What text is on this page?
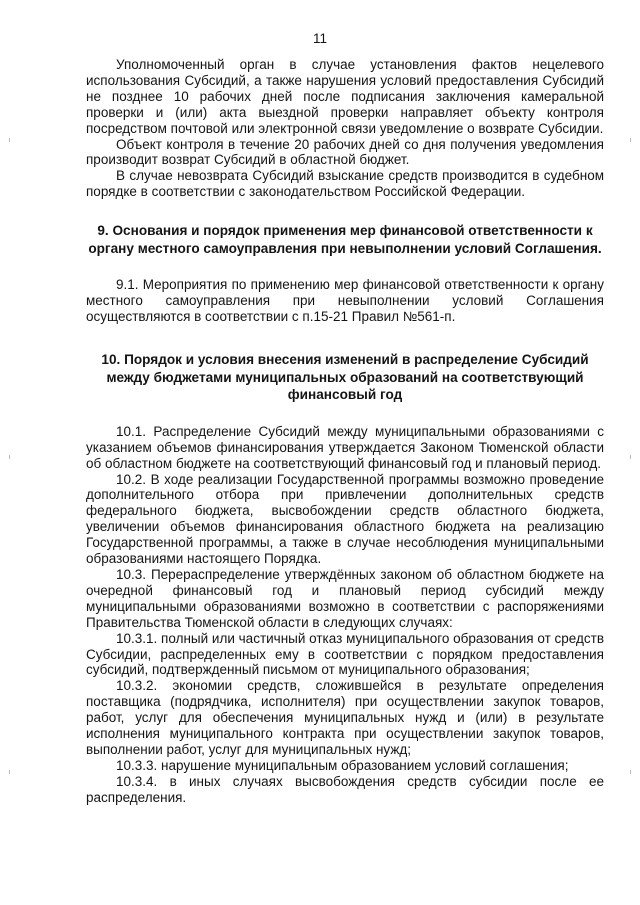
11

Уполномоченный орган в случае установления фактов нецелевого использования Субсидий, а также нарушения условий предоставления Субсидий не позднее 10 рабочих дней после подписания заключения камеральной проверки и (или) акта выездной проверки направляет объекту контроля посредством почтовой или электронной связи уведомление о возврате Субсидии.

Объект контроля в течение 20 рабочих дней со дня получения уведомления производит возврат Субсидий в областной бюджет.

В случае невозврата Субсидий взыскание средств производится в судебном порядке в соответствии с законодательством Российской Федерации.

9. Основания и порядок применения мер финансовой ответственности к органу местного самоуправления при невыполнении условий Соглашения.

9.1. Мероприятия по применению мер финансовой ответственности к органу местного самоуправления при невыполнении условий Соглашения осуществляются в соответствии с п.15-21 Правил №561-п.

10. Порядок и условия внесения изменений в распределение Субсидий между бюджетами муниципальных образований на соответствующий финансовый год

10.1. Распределение Субсидий между муниципальными образованиями с указанием объемов финансирования утверждается Законом Тюменской области об областном бюджете на соответствующий финансовый год и плановый период.

10.2. В ходе реализации Государственной программы возможно проведение дополнительного отбора при привлечении дополнительных средств федерального бюджета, высвобождении средств областного бюджета, увеличении объемов финансирования областного бюджета на реализацию Государственной программы, а также в случае несоблюдения муниципальными образованиями настоящего Порядка.

10.3. Перераспределение утверждённых законом об областном бюджете на очередной финансовый год и плановый период субсидий между муниципальными образованиями возможно в соответствии с распоряжениями Правительства Тюменской области в следующих случаях:

10.3.1. полный или частичный отказ муниципального образования от средств Субсидии, распределенных ему в соответствии с порядком предоставления субсидий, подтвержденный письмом от муниципального образования;

10.3.2. экономии средств, сложившейся в результате определения поставщика (подрядчика, исполнителя) при осуществлении закупок товаров, работ, услуг для обеспечения муниципальных нужд и (или) в результате исполнения муниципального контракта при осуществлении закупок товаров, выполнении работ, услуг для муниципальных нужд;

10.3.3. нарушение муниципальным образованием условий соглашения;

10.3.4. в иных случаях высвобождения средств субсидии после ее распределения.
